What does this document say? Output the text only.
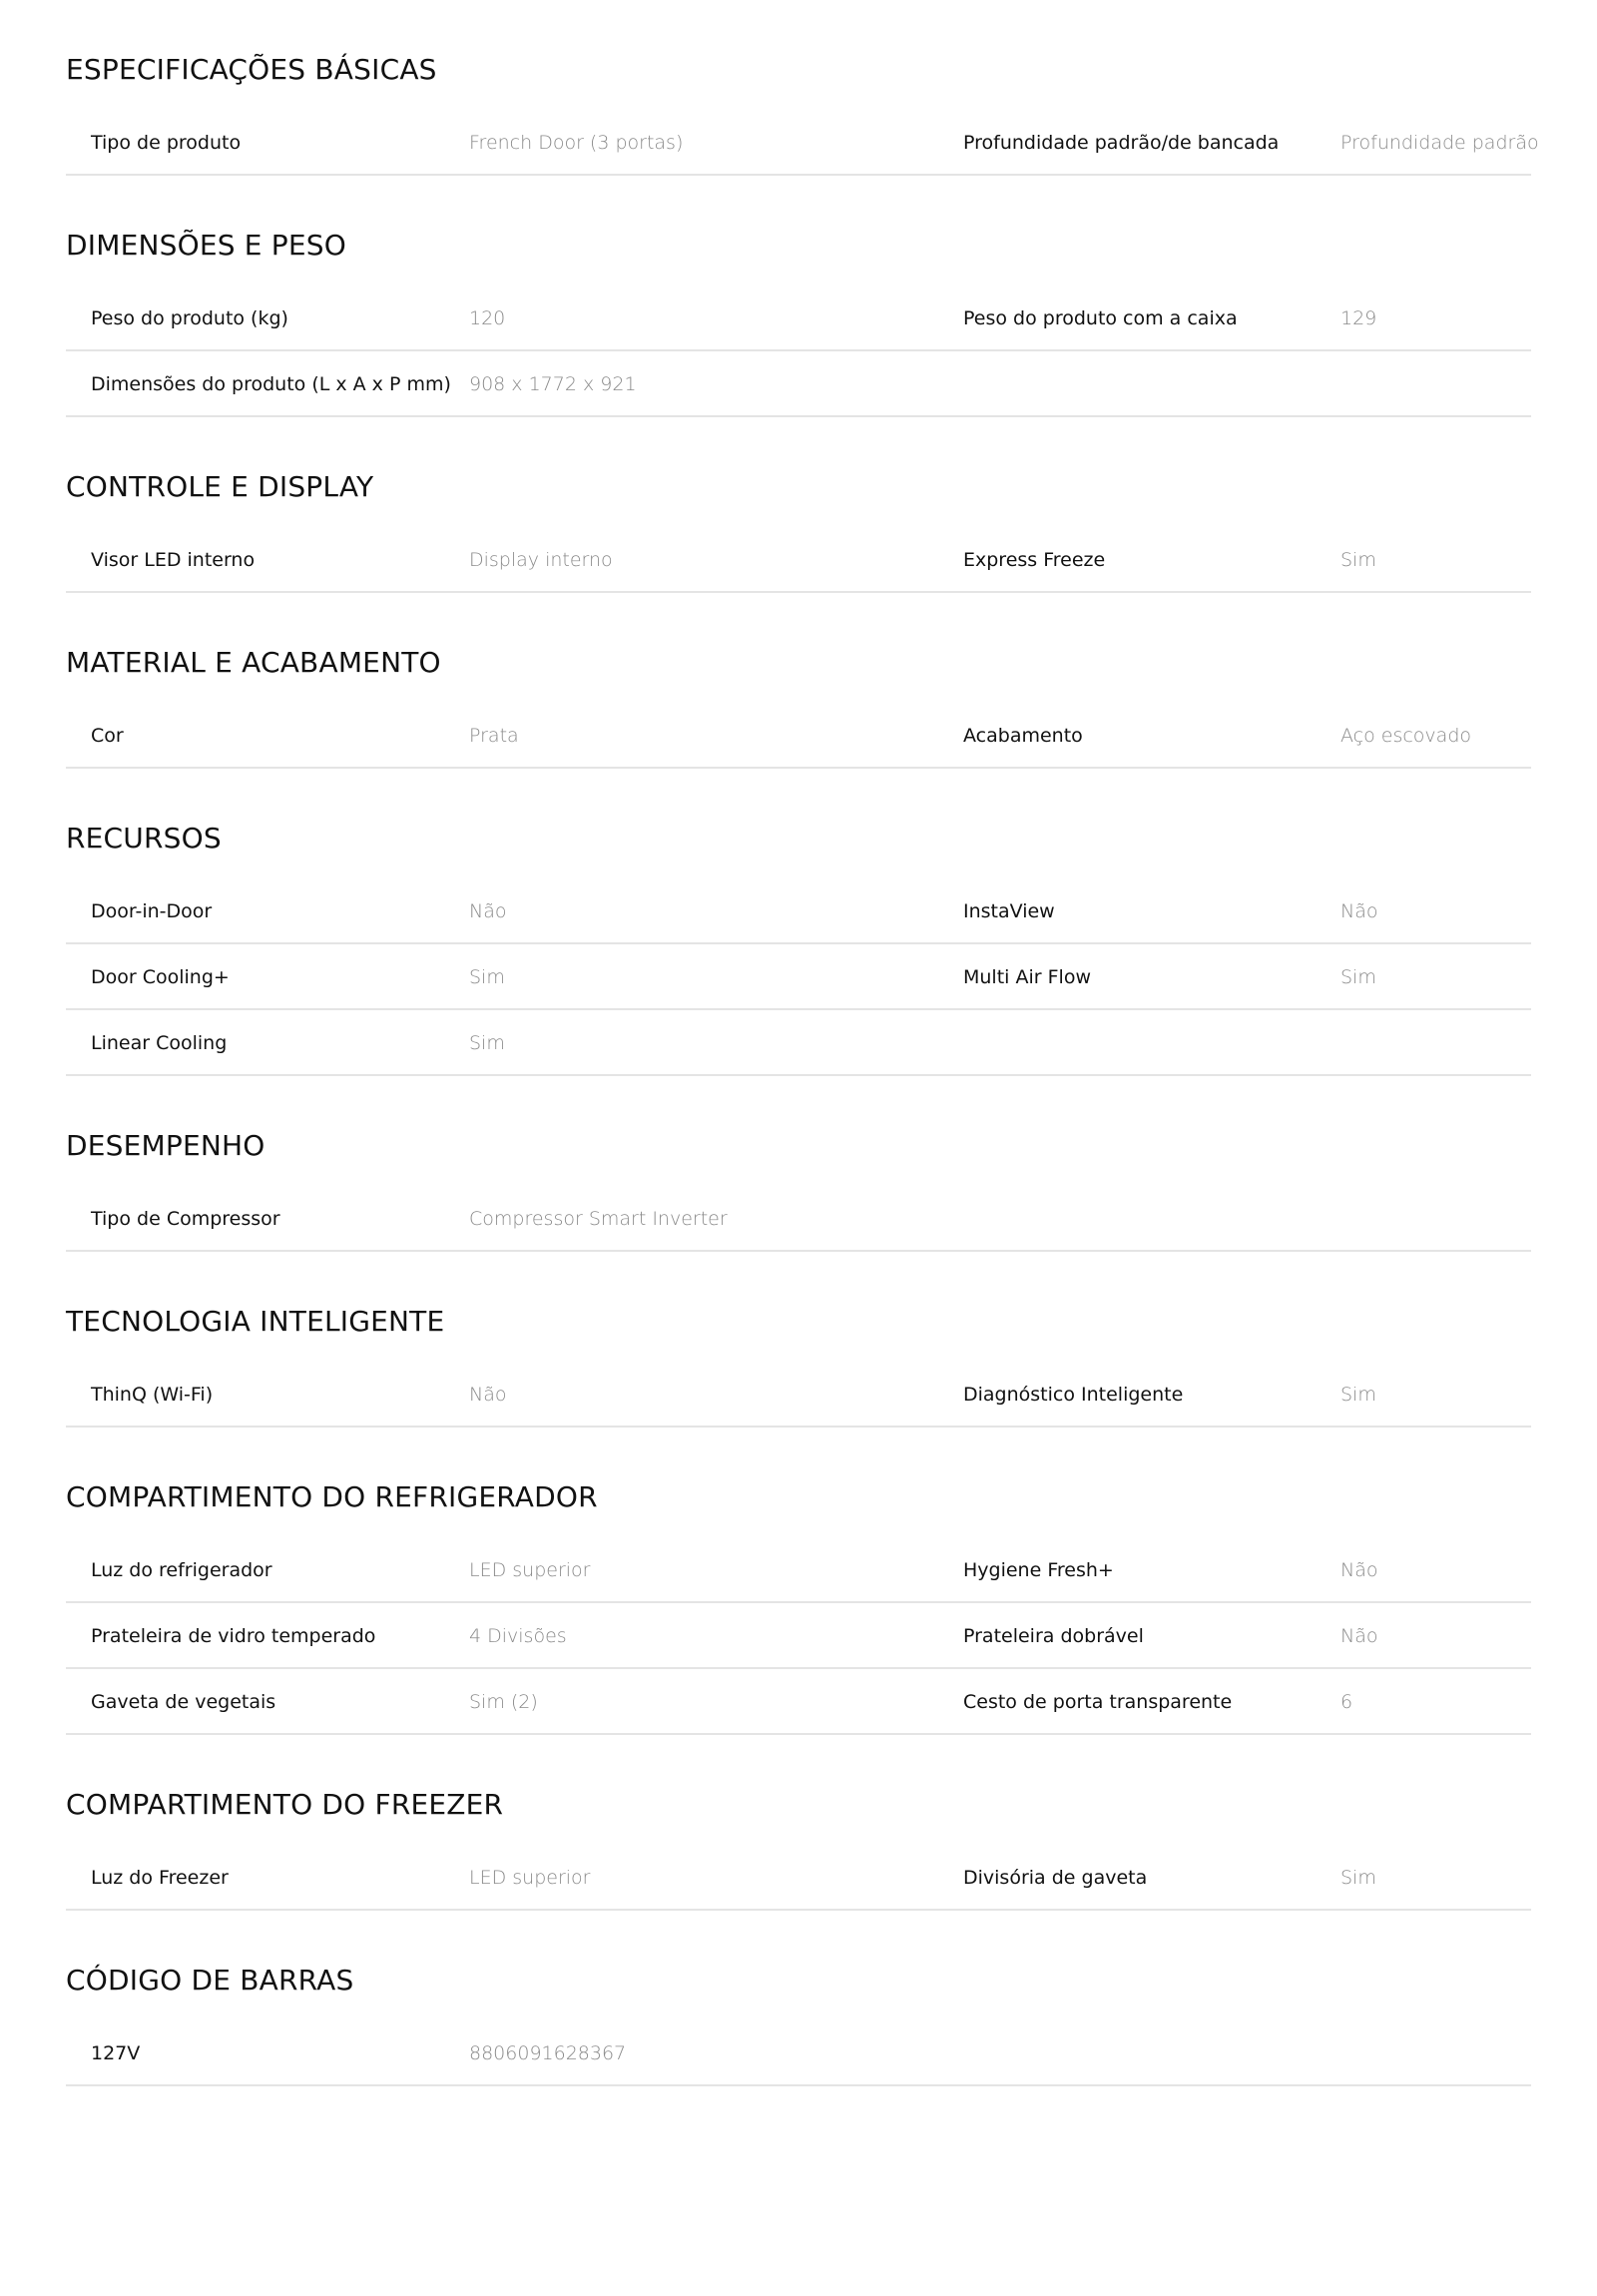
ESPECIFICAÇÕES BÁSICAS
Tipo de produto	French Door (3 portas)	Profundidade padrão/de bancada	Profundidade padrão
DIMENSÕES E PESO
Peso do produto (kg)	120	Peso do produto com a caixa	129
Dimensões do produto (L x A x P mm) 908 x 1772 x 921
CONTROLE E DISPLAY
Visor LED interno	Display interno	Express Freeze	Sim
MATERIAL E ACABAMENTO
Cor	Prata	Acabamento	Aço escovado
RECURSOS
Door-in-Door	Não	InstaView	Não
Door Cooling+	Sim	Multi Air Flow	Sim
Linear Cooling	Sim
DESEMPENHO
Tipo de Compressor	Compressor Smart Inverter
TECNOLOGIA INTELIGENTE
ThinQ (Wi-Fi)	Não	Diagnóstico Inteligente	Sim
COMPARTIMENTO DO REFRIGERADOR
Luz do refrigerador	LED superior	Hygiene Fresh+	Não
Prateleira de vidro temperado	4 Divisões	Prateleira dobrável	Não
Gaveta de vegetais	Sim (2)	Cesto de porta transparente	6
COMPARTIMENTO DO FREEZER
Luz do Freezer	LED superior	Divisória de gaveta	Sim
CÓDIGO DE BARRAS
127V	8806091628367
